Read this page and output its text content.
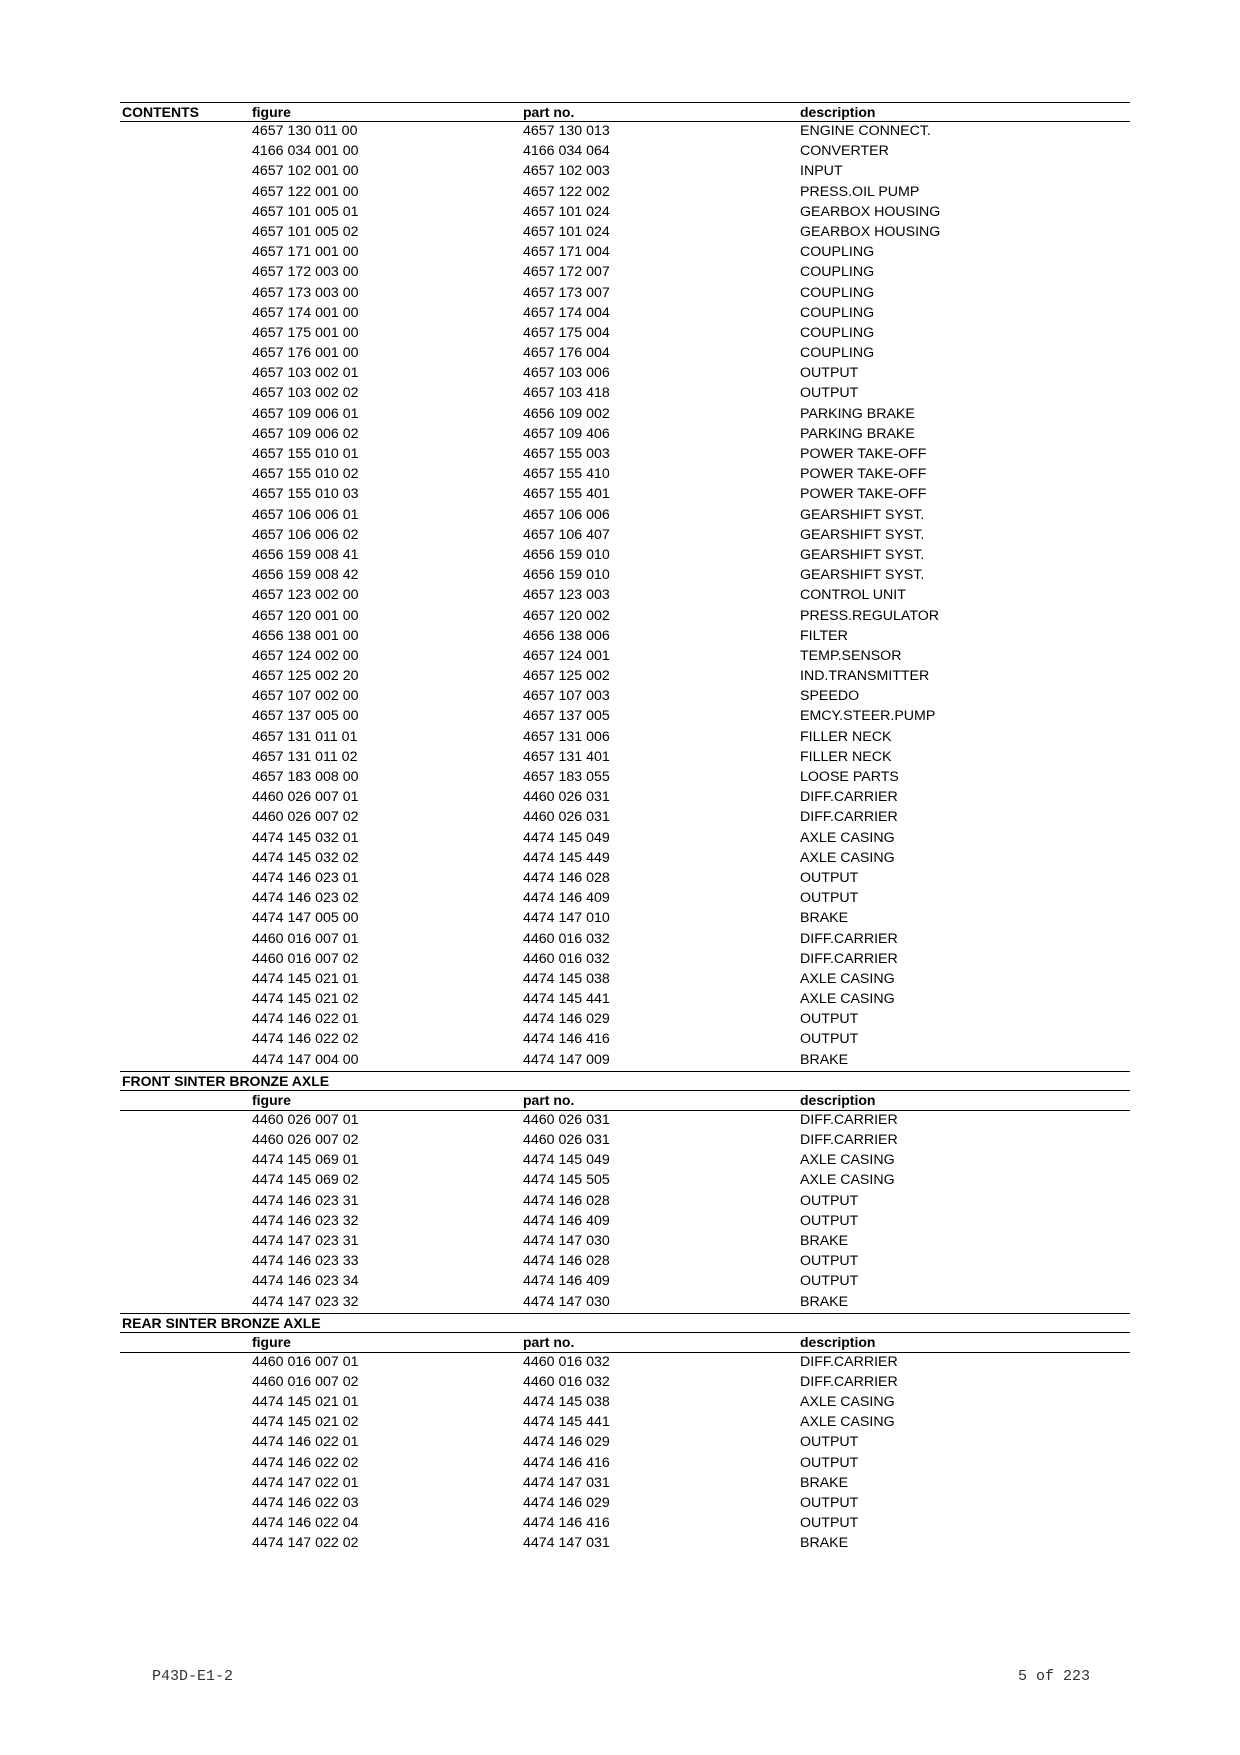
CONTENTS	figure	part no.	description
4657 130 011 00	4657 130 013	ENGINE CONNECT.
4166 034 001 00	4166 034 064	CONVERTER
4657 102 001 00	4657 102 003	INPUT
4657 122 001 00	4657 122 002	PRESS.OIL PUMP
4657 101 005 01	4657 101 024	GEARBOX HOUSING
4657 101 005 02	4657 101 024	GEARBOX HOUSING
4657 171 001 00	4657 171 004	COUPLING
4657 172 003 00	4657 172 007	COUPLING
4657 173 003 00	4657 173 007	COUPLING
4657 174 001 00	4657 174 004	COUPLING
4657 175 001 00	4657 175 004	COUPLING
4657 176 001 00	4657 176 004	COUPLING
4657 103 002 01	4657 103 006	OUTPUT
4657 103 002 02	4657 103 418	OUTPUT
4657 109 006 01	4656 109 002	PARKING BRAKE
4657 109 006 02	4657 109 406	PARKING BRAKE
4657 155 010 01	4657 155 003	POWER TAKE-OFF
4657 155 010 02	4657 155 410	POWER TAKE-OFF
4657 155 010 03	4657 155 401	POWER TAKE-OFF
4657 106 006 01	4657 106 006	GEARSHIFT SYST.
4657 106 006 02	4657 106 407	GEARSHIFT SYST.
4656 159 008 41	4656 159 010	GEARSHIFT SYST.
4656 159 008 42	4656 159 010	GEARSHIFT SYST.
4657 123 002 00	4657 123 003	CONTROL UNIT
4657 120 001 00	4657 120 002	PRESS.REGULATOR
4656 138 001 00	4656 138 006	FILTER
4657 124 002 00	4657 124 001	TEMP.SENSOR
4657 125 002 20	4657 125 002	IND.TRANSMITTER
4657 107 002 00	4657 107 003	SPEEDO
4657 137 005 00	4657 137 005	EMCY.STEER.PUMP
4657 131 011 01	4657 131 006	FILLER NECK
4657 131 011 02	4657 131 401	FILLER NECK
4657 183 008 00	4657 183 055	LOOSE PARTS
4460 026 007 01	4460 026 031	DIFF.CARRIER
4460 026 007 02	4460 026 031	DIFF.CARRIER
4474 145 032 01	4474 145 049	AXLE CASING
4474 145 032 02	4474 145 449	AXLE CASING
4474 146 023 01	4474 146 028	OUTPUT
4474 146 023 02	4474 146 409	OUTPUT
4474 147 005 00	4474 147 010	BRAKE
4460 016 007 01	4460 016 032	DIFF.CARRIER
4460 016 007 02	4460 016 032	DIFF.CARRIER
4474 145 021 01	4474 145 038	AXLE CASING
4474 145 021 02	4474 145 441	AXLE CASING
4474 146 022 01	4474 146 029	OUTPUT
4474 146 022 02	4474 146 416	OUTPUT
4474 147 004 00	4474 147 009	BRAKE
FRONT SINTER BRONZE AXLE
figure	part no.	description
4460 026 007 01	4460 026 031	DIFF.CARRIER
4460 026 007 02	4460 026 031	DIFF.CARRIER
4474 145 069 01	4474 145 049	AXLE CASING
4474 145 069 02	4474 145 505	AXLE CASING
4474 146 023 31	4474 146 028	OUTPUT
4474 146 023 32	4474 146 409	OUTPUT
4474 147 023 31	4474 147 030	BRAKE
4474 146 023 33	4474 146 028	OUTPUT
4474 146 023 34	4474 146 409	OUTPUT
4474 147 023 32	4474 147 030	BRAKE
REAR SINTER BRONZE AXLE
figure	part no.	description
4460 016 007 01	4460 016 032	DIFF.CARRIER
4460 016 007 02	4460 016 032	DIFF.CARRIER
4474 145 021 01	4474 145 038	AXLE CASING
4474 145 021 02	4474 145 441	AXLE CASING
4474 146 022 01	4474 146 029	OUTPUT
4474 146 022 02	4474 146 416	OUTPUT
4474 147 022 01	4474 147 031	BRAKE
4474 146 022 03	4474 146 029	OUTPUT
4474 146 022 04	4474 146 416	OUTPUT
4474 147 022 02	4474 147 031	BRAKE
P43D-E1-2	5 of 223
